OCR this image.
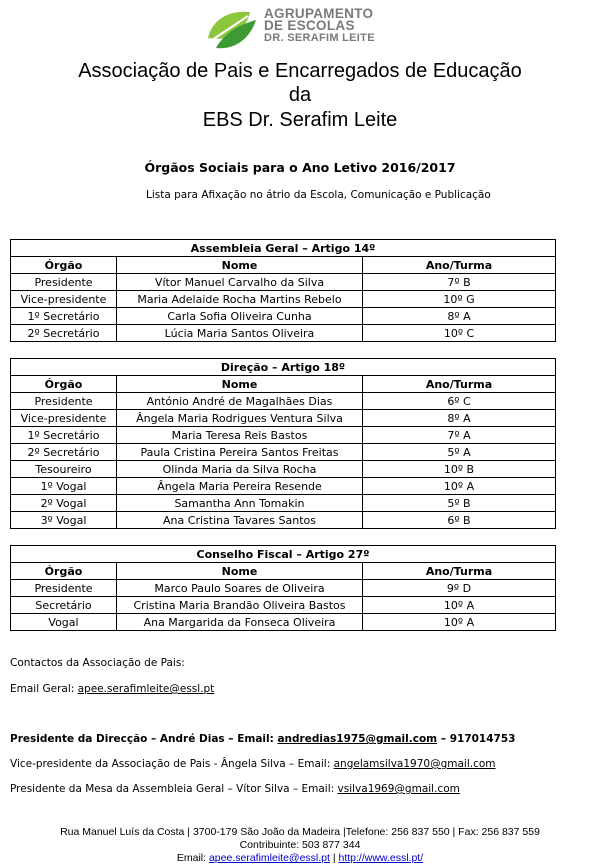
AGRUPAMENTO
DE ESCOLAS
DR. SERAFIM LEITE
Associação de Pais e Encarregados de Educação
da
EBS Dr. Serafim Leite
Órgãos Sociais para o Ano Letivo 2016/2017
Lista para Afixação no átrio da Escola, Comunicação e Publicação
Assembleia Geral – Artigo 14º		
Órgão	Nome	Ano/Turma
Presidente	Vítor Manuel Carvalho da Silva	7º B
Vice-presidente	Maria Adelaide Rocha Martins Rebelo	10º G
1º Secretário	Carla Sofia Oliveira Cunha	8º A
2º Secretário	Lúcia Maria Santos Oliveira	10º C
Direção – Artigo 18º		
Órgão	Nome	Ano/Turma
Presidente	António André de Magalhães Dias	6º C
Vice-presidente	Ângela Maria Rodrigues Ventura Silva	8º A
1º Secretário	Maria Teresa Reis Bastos	7º A
2º Secretário	Paula Cristina Pereira Santos Freitas	5º A
Tesoureiro	Olinda Maria da Silva Rocha	10º B
1º Vogal	Ângela Maria Pereira Resende	10º A
2º Vogal	Samantha Ann Tomakin	5º B
3º Vogal	Ana Cristina Tavares Santos	6º B
Conselho Fiscal – Artigo 27º		
Órgão	Nome	Ano/Turma
Presidente	Marco Paulo Soares de Oliveira	9º D
Secretário	Cristina Maria Brandão Oliveira Bastos	10º A
Vogal	Ana Margarida da Fonseca Oliveira	10º A
Contactos da Associação de Pais:
Email Geral: apee.serafimleite@essl.pt
Presidente da Direcção – André Dias – Email: andredias1975@gmail.com – 917014753
Vice-presidente da Associação de Pais - Ângela Silva – Email: angelamsilva1970@gmail.com
Presidente da Mesa da Assembleia Geral – Vítor Silva – Email: vsilva1969@gmail.com
Rua Manuel Luís da Costa | 3700-179 São João da Madeira |Telefone: 256 837 550 | Fax: 256 837 559
Contribuinte: 503 877 344
Email: apee.serafimleite@essl.pt | http://www.essl.pt/
